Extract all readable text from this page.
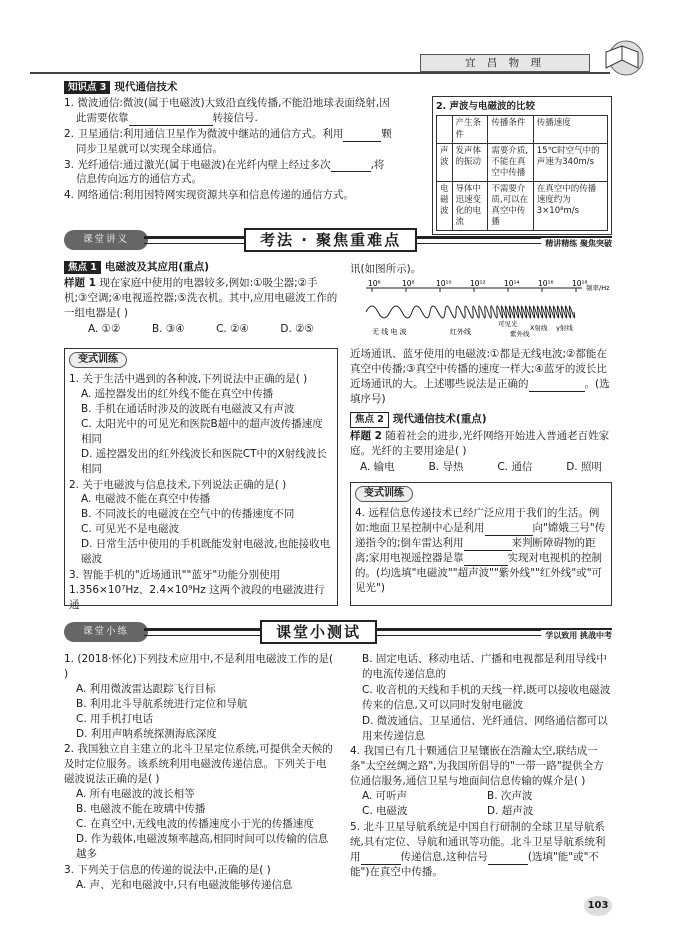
宜 昌 物 理
知识点 3 现代通信技术
1. 微波通信:微波(属于电磁波)大致沿直线传播,不能沿地球表面绕射,因
此需要依靠	转接信号.
2. 卫星通信:利用通信卫星作为微波中继站的通信方式。利用	颗
同步卫星就可以实现全球通信。
3. 光纤通信:通过激光(属于电磁波)在光纤内壁上经过多次	,将
信息传向远方的通信方式。
4. 网络通信:利用因特网实现资源共享和信息传递的通信方式。
2. 声波与电磁波的比较
	产生条件	传播条件	传播速度
声波	发声体的振动	需要介质,不能在真空中传播	15℃时空气中的声速为340m/s
电磁波	导体中迅速变化的电流	不需要介质,可以在真空中传播	在真空中的传播速度约为3×10⁸m/s
课堂讲义	考法 · 聚焦重难点	精讲精练 聚焦突破
焦点 1 电磁波及其应用(重点)
样题 1 现在家庭中使用的电器较多,例如:①吸尘器;②手机;③空调;④电视遥控器;⑤洗衣机。其中,应用电磁波工作的一组电器是( )
A. ①②	B. ③④	C. ②④	D. ②⑤
变式训练
1. 关于生活中遇到的各种波,下列说法中正确的是( )
A. 遥控器发出的红外线不能在真空中传播
B. 手机在通话时涉及的波既有电磁波又有声波
C. 太阳光中的可见光和医院B超中的超声波传播速度相同
D. 遥控器发出的红外线波长和医院CT中的X射线波长相同
2. 关于电磁波与信息技术,下列说法正确的是( )
A. 电磁波不能在真空中传播
B. 不同波长的电磁波在空气中的传播速度不同
C. 可见光不是电磁波
D. 日常生活中使用的手机既能发射电磁波,也能接收电磁波
3. 智能手机的"近场通讯""蓝牙"功能分别使用 1.356×10⁷Hz、2.4×10⁹Hz 这两个波段的电磁波进行通
讯(如图所示)。
10⁶	10⁸	10¹⁰ 10¹² 10¹⁴ 10¹⁶ 10¹⁸
频率/Hz
无 线 电 波	红外线
可见光
紫外线
X射线 γ射线
近场通讯、蓝牙使用的电磁波:①都是无线电波;②都能在真空中传播;③真空中传播的速度一样大;④蓝牙的波长比近场通讯的大。上述哪些说法是正确的	。(选填序号)
焦点 2 现代通信技术(重点)
样题 2 随着社会的进步,光纤网络开始进入普通老百姓家庭。光纤的主要用途是( )
A. 输电	B. 导热	C. 通信	D. 照明
变式训练
4. 远程信息传递技术已经广泛应用于我们的生活。例如:地面卫星控制中心是利用	向"嫦娥三号"传递指令的;倒车雷达利用	来判断障碍物的距离;家用电视遥控器是靠	实现对电视机的控制的。(均选填"电磁波""超声波""紫外线""红外线"或"可见光")
课堂小练	课堂小测试	学以致用 挑战中考
1. (2018·怀化)下列技术应用中,不是利用电磁波工作的是( )
A. 利用微波雷达跟踪飞行目标
B. 利用北斗导航系统进行定位和导航
C. 用手机打电话
D. 利用声呐系统探测海底深度
2. 我国独立自主建立的北斗卫星定位系统,可提供全天候的及时定位服务。该系统利用电磁波传递信息。下列关于电磁波说法正确的是( )
A. 所有电磁波的波长相等
B. 电磁波不能在玻璃中传播
C. 在真空中,无线电波的传播速度小于光的传播速度
D. 作为载体,电磁波频率越高,相同时间可以传输的信息越多
3. 下列关于信息的传递的说法中,正确的是( )
A. 声、光和电磁波中,只有电磁波能够传递信息
B. 固定电话、移动电话、广播和电视都是利用导线中的电流传递信息的
C. 收音机的天线和手机的天线一样,既可以接收电磁波传来的信息,又可以同时发射电磁波
D. 微波通信、卫星通信、光纤通信、网络通信都可以用来传递信息
4. 我国已有几十颗通信卫星镶嵌在浩瀚太空,联结成一条"太空丝绸之路",为我国所倡导的"一带一路"提供全方位通信服务,通信卫星与地面间信息传输的媒介是( )
A. 可听声	B. 次声波
C. 电磁波	D. 超声波
5. 北斗卫星导航系统是中国自行研制的全球卫星导航系统,具有定位、导航和通讯等功能。北斗卫星导航系统利用	传递信息,这种信号	(选填"能"或"不能")在真空中传播。
103
